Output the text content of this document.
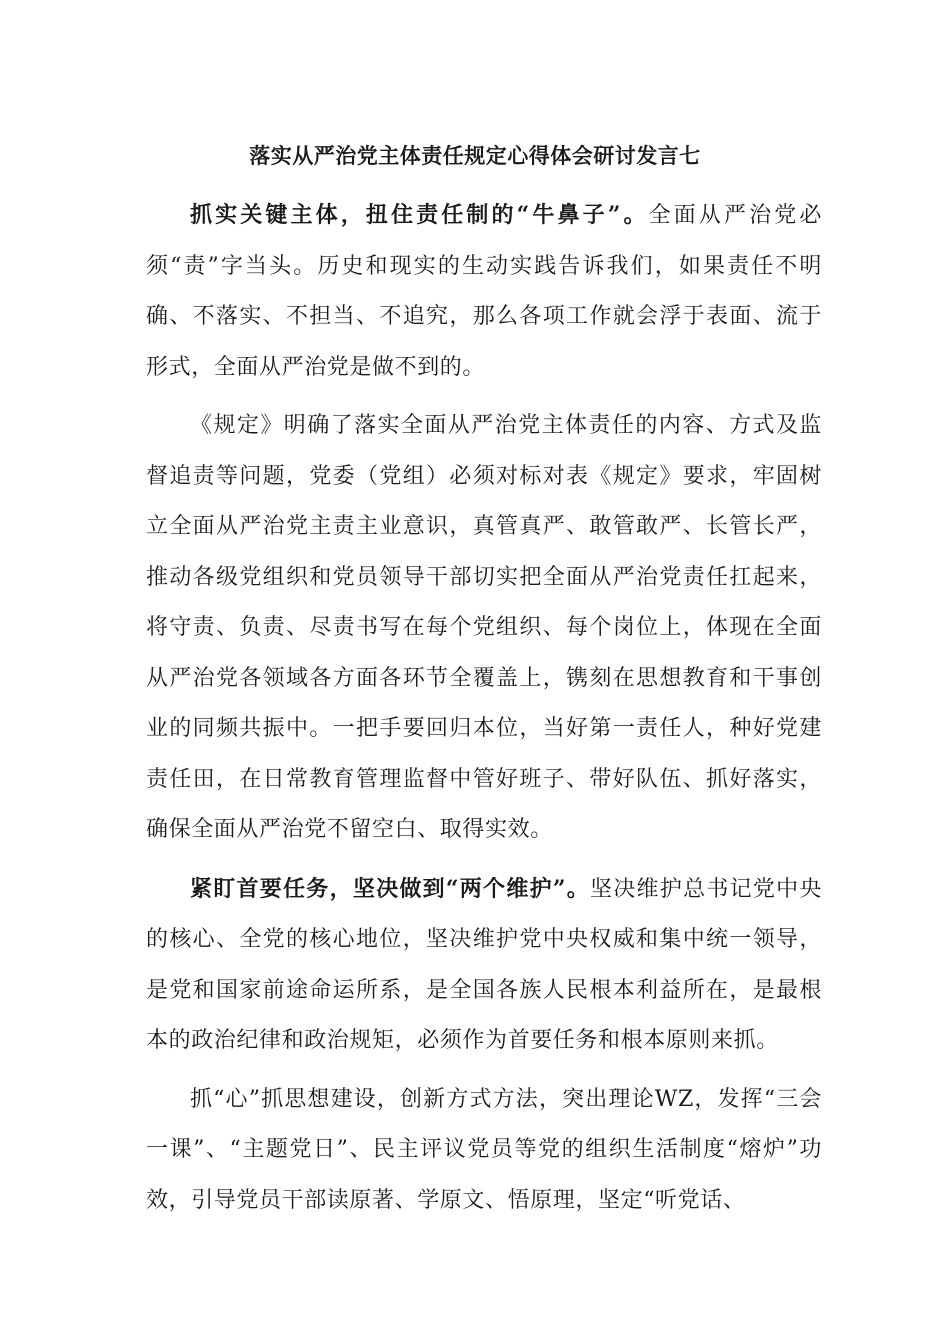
落实从严治党主体责任规定心得体会研讨发言七

抓实关键主体，扭住责任制的“牛鼻子”。全面从严治党必须“责”字当头。历史和现实的生动实践告诉我们，如果责任不明确、不落实、不担当、不追究，那么各项工作就会浮于表面、流于形式，全面从严治党是做不到的。

《规定》明确了落实全面从严治党主体责任的内容、方式及监督追责等问题，党委（党组）必须对标对表《规定》要求，牢固树立全面从严治党主责主业意识，真管真严、敢管敢严、长管长严，推动各级党组织和党员领导干部切实把全面从严治党责任扛起来，将守责、负责、尽责书写在每个党组织、每个岗位上，体现在全面从严治党各领域各方面各环节全覆盖上，镌刻在思想教育和干事创业的同频共振中。一把手要回归本位，当好第一责任人，种好党建责任田，在日常教育管理监督中管好班子、带好队伍、抓好落实，确保全面从严治党不留空白、取得实效。

紧盯首要任务，坚决做到“两个维护”。坚决维护总书记党中央的核心、全党的核心地位，坚决维护党中央权威和集中统一领导，是党和国家前途命运所系，是全国各族人民根本利益所在，是最根本的政治纪律和政治规矩，必须作为首要任务和根本原则来抓。

抓“心”抓思想建设，创新方式方法，突出理论WZ，发挥“三会一课”、“主题党日”、民主评议党员等党的组织生活制度“熔炉”功效，引导党员干部读原著、学原文、悟原理，坚定“听党话、
